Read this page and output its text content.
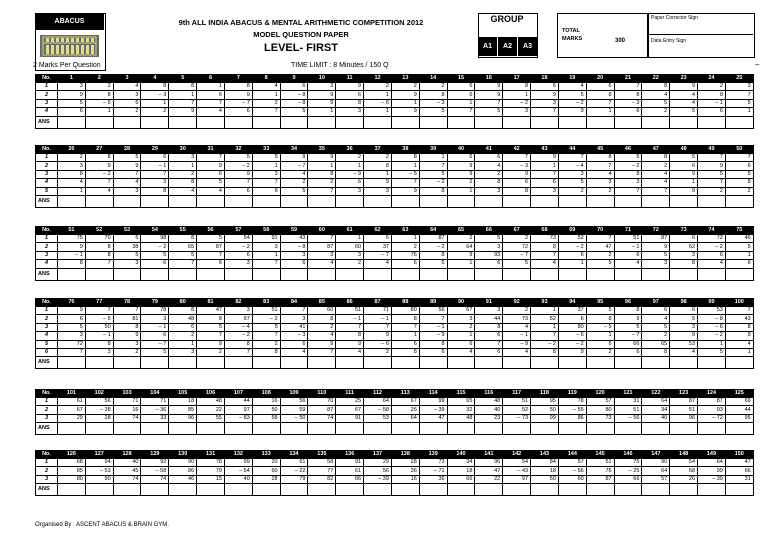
ABACUS	9th ALL INDIA ABACUS & MENTAL ARITHMETIC COMPETITION 2012
MODEL QUESTION PAPER
LEVEL- FIRST
GROUP
A1	A2	A3
TOTAL MARKS	300
Paper Corrector Sign
Data Entry Sign
2 Marks Per Question	TIME LIMIT : 8 Minutes / 150 Q	–
No.	1	2	3	4	5	6	7	8	9	10	11	12	13	14	15	16	17	18	19	20	21	22	23	24	25
1	3	2	4	8	8	1	8	4	6	3	9	2	2	2	6	9	8	6	4	6	7	8	9	2	3
2	9	8	3	– 3	1	6	9	1	– 8	9	6	1	9	8	6	9	1	9	5	8	8	4	4	8	7
3	5	– 5	6	1	7	7	– 7	2	– 8	9	8	– 6	1	– 3	1	7	– 2	3	– 2	7	– 3	5	4	– 1	5
4	6	1	2	2	9	4	6	7	5	1	3	1	9	5	7	5	3	7	9	1	6	2	5	6	1
ANS																									
No.	26	27	28	29	30	31	32	33	34	35	36	37	38	39	40	41	42	43	44	45	46	47	48	49	50
1	2	8	5	6	3	7	5	5	9	9	2	2	8	1	6	6	7	9	7	8	5	8	5	7	7
2	3	9	9	– 1	1	9	– 2	1	– 7	1	1	8	1	7	9	4	– 3	1	– 4	7	– 2	2	6	9	6
3	8	– 2	7	7	2	6	9	3	4	8	– 9	1	– 5	5	9	2	9	7	3	4	8	4	9	5	5
4	4	7	4	3	8	5	7	7	2	2	6	9	7	– 2	2	8	6	6	5	3	3	4	1	7	8
5	1	4	3	8	4	4	6	6	5	7	3	3	9	8	1	3	8	3	2	2	7	7	9	2	2
ANS																									
No.	51	52	53	54	55	56	57	58	59	60	61	62	63	64	65	66	67	68	69	70	71	72	73	74	75
1	75	70	6	98	8	5	54	91	43	7	1	6	1	87	2	5	2	73	52	7	51	87	6	72	46
2	9	8	38	– 2	65	87	– 2	3	– 8	87	60	37	2	– 2	64	3	72	8	– 2	47	– 1	9	62	– 2	5
3	– 1	8	5	5	5	7	6	1	3	3	3	– 7	76	8	9	93	– 7	7	6	2	6	5	3	6	1
4	8	7	3	6	7	6	3	7	6	4	2	4	6	6	1	6	5	4	1	5	4	3	8	4	6
ANS																									
No.	76	77	78	79	80	81	82	83	84	85	86	87	88	89	90	91	92	93	94	95	96	97	98	99	100
1	9	7	7	78	8	47	3	51	7	60	51	71	80	56	67	3	2	1	37	5	8	6	6	53	7
2	6	– 5	81	3	48	8	97	– 2	3	8	– 1	– 1	8	7	3	44	73	52	6	8	9	4	5	– 8	43
3	5	50	8	– 1	6	5	– 4	5	41	2	7	7	7	– 1	2	8	4	1	80	– 5	5	5	3	– 6	8
4	3	– 1	9	6	2	7	– 2	7	– 3	4	8	9	1	– 9	1	6	– 1	7	– 6	1	– 7	2	9	– 2	9
5	72	8	3	– 7	1	9	8	2	6	9	9	– 6	6	8	6	7	– 9	– 2	– 2	6	66	65	53	1	4
6	7	3	2	5	3	2	7	8	4	7	4	2	8	6	4	6	4	8	9	2	6	8	4	5	1
ANS																									
No.	101	102	103	104	105	106	107	108	109	110	111	112	113	114	115	116	117	118	119	120	121	122	123	124	125
1	61	56	71	71	18	48	44	16	56	70	25	64	67	99	65	48	51	95	78	57	31	64	87	87	69
2	67	– 38	16	– 36	85	22	97	50	59	87	67	– 58	26	– 39	32	40	52	50	– 55	80	51	34	51	93	44
3	29	28	74	33	96	55	– 83	58	– 50	74	91	53	64	47	48	23	– 73	99	86	73	– 56	40	96	– 72	95
ANS																									
No.	126	127	128	129	130	131	132	133	134	135	136	137	138	139	140	141	142	143	144	145	146	147	148	149	150
1	68	94	40	92	90	78	99	20	61	58	91	29	28	73	34	96	54	84	57	51	75	90	54	64	47
2	85	– 53	45	– 58	86	79	– 54	60	– 22	77	61	56	36	– 71	18	47	– 43	18	– 56	76	– 25	64	68	99	66
3	80	90	74	74	46	15	40	28	79	82	66	– 39	16	36	66	22	97	50	60	87	66	57	26	– 39	31
ANS																									
Organised By : ASCENT ABACUS & BRAIN GYM.
